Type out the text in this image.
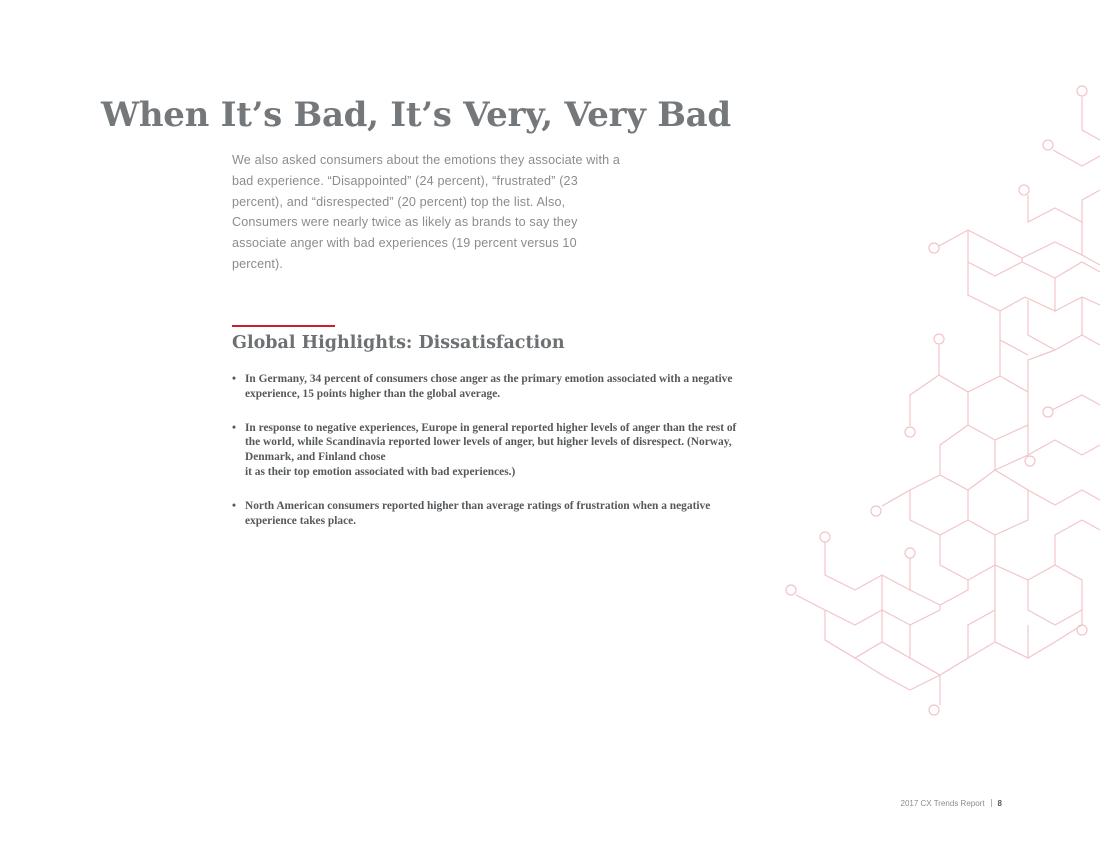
When It’s Bad, It’s Very, Very Bad

We also asked consumers about the emotions they associate with a bad experience. “Disappointed” (24 percent), “frustrated” (23 percent), and “disrespected” (20 percent) top the list. Also, Consumers were nearly twice as likely as brands to say they associate anger with bad experiences (19 percent versus 10 percent).

Global Highlights: Dissatisfaction
• In Germany, 34 percent of consumers chose anger as the primary emotion associated with a negative experience, 15 points higher than the global average.
• In response to negative experiences, Europe in general reported higher levels of anger than the rest of the world, while Scandinavia reported lower levels of anger, but higher levels of disrespect. (Norway, Denmark, and Finland chose
it as their top emotion associated with bad experiences.)
• North American consumers reported higher than average ratings of frustration when a negative experience takes place.
2017 CX Trends Report 8
